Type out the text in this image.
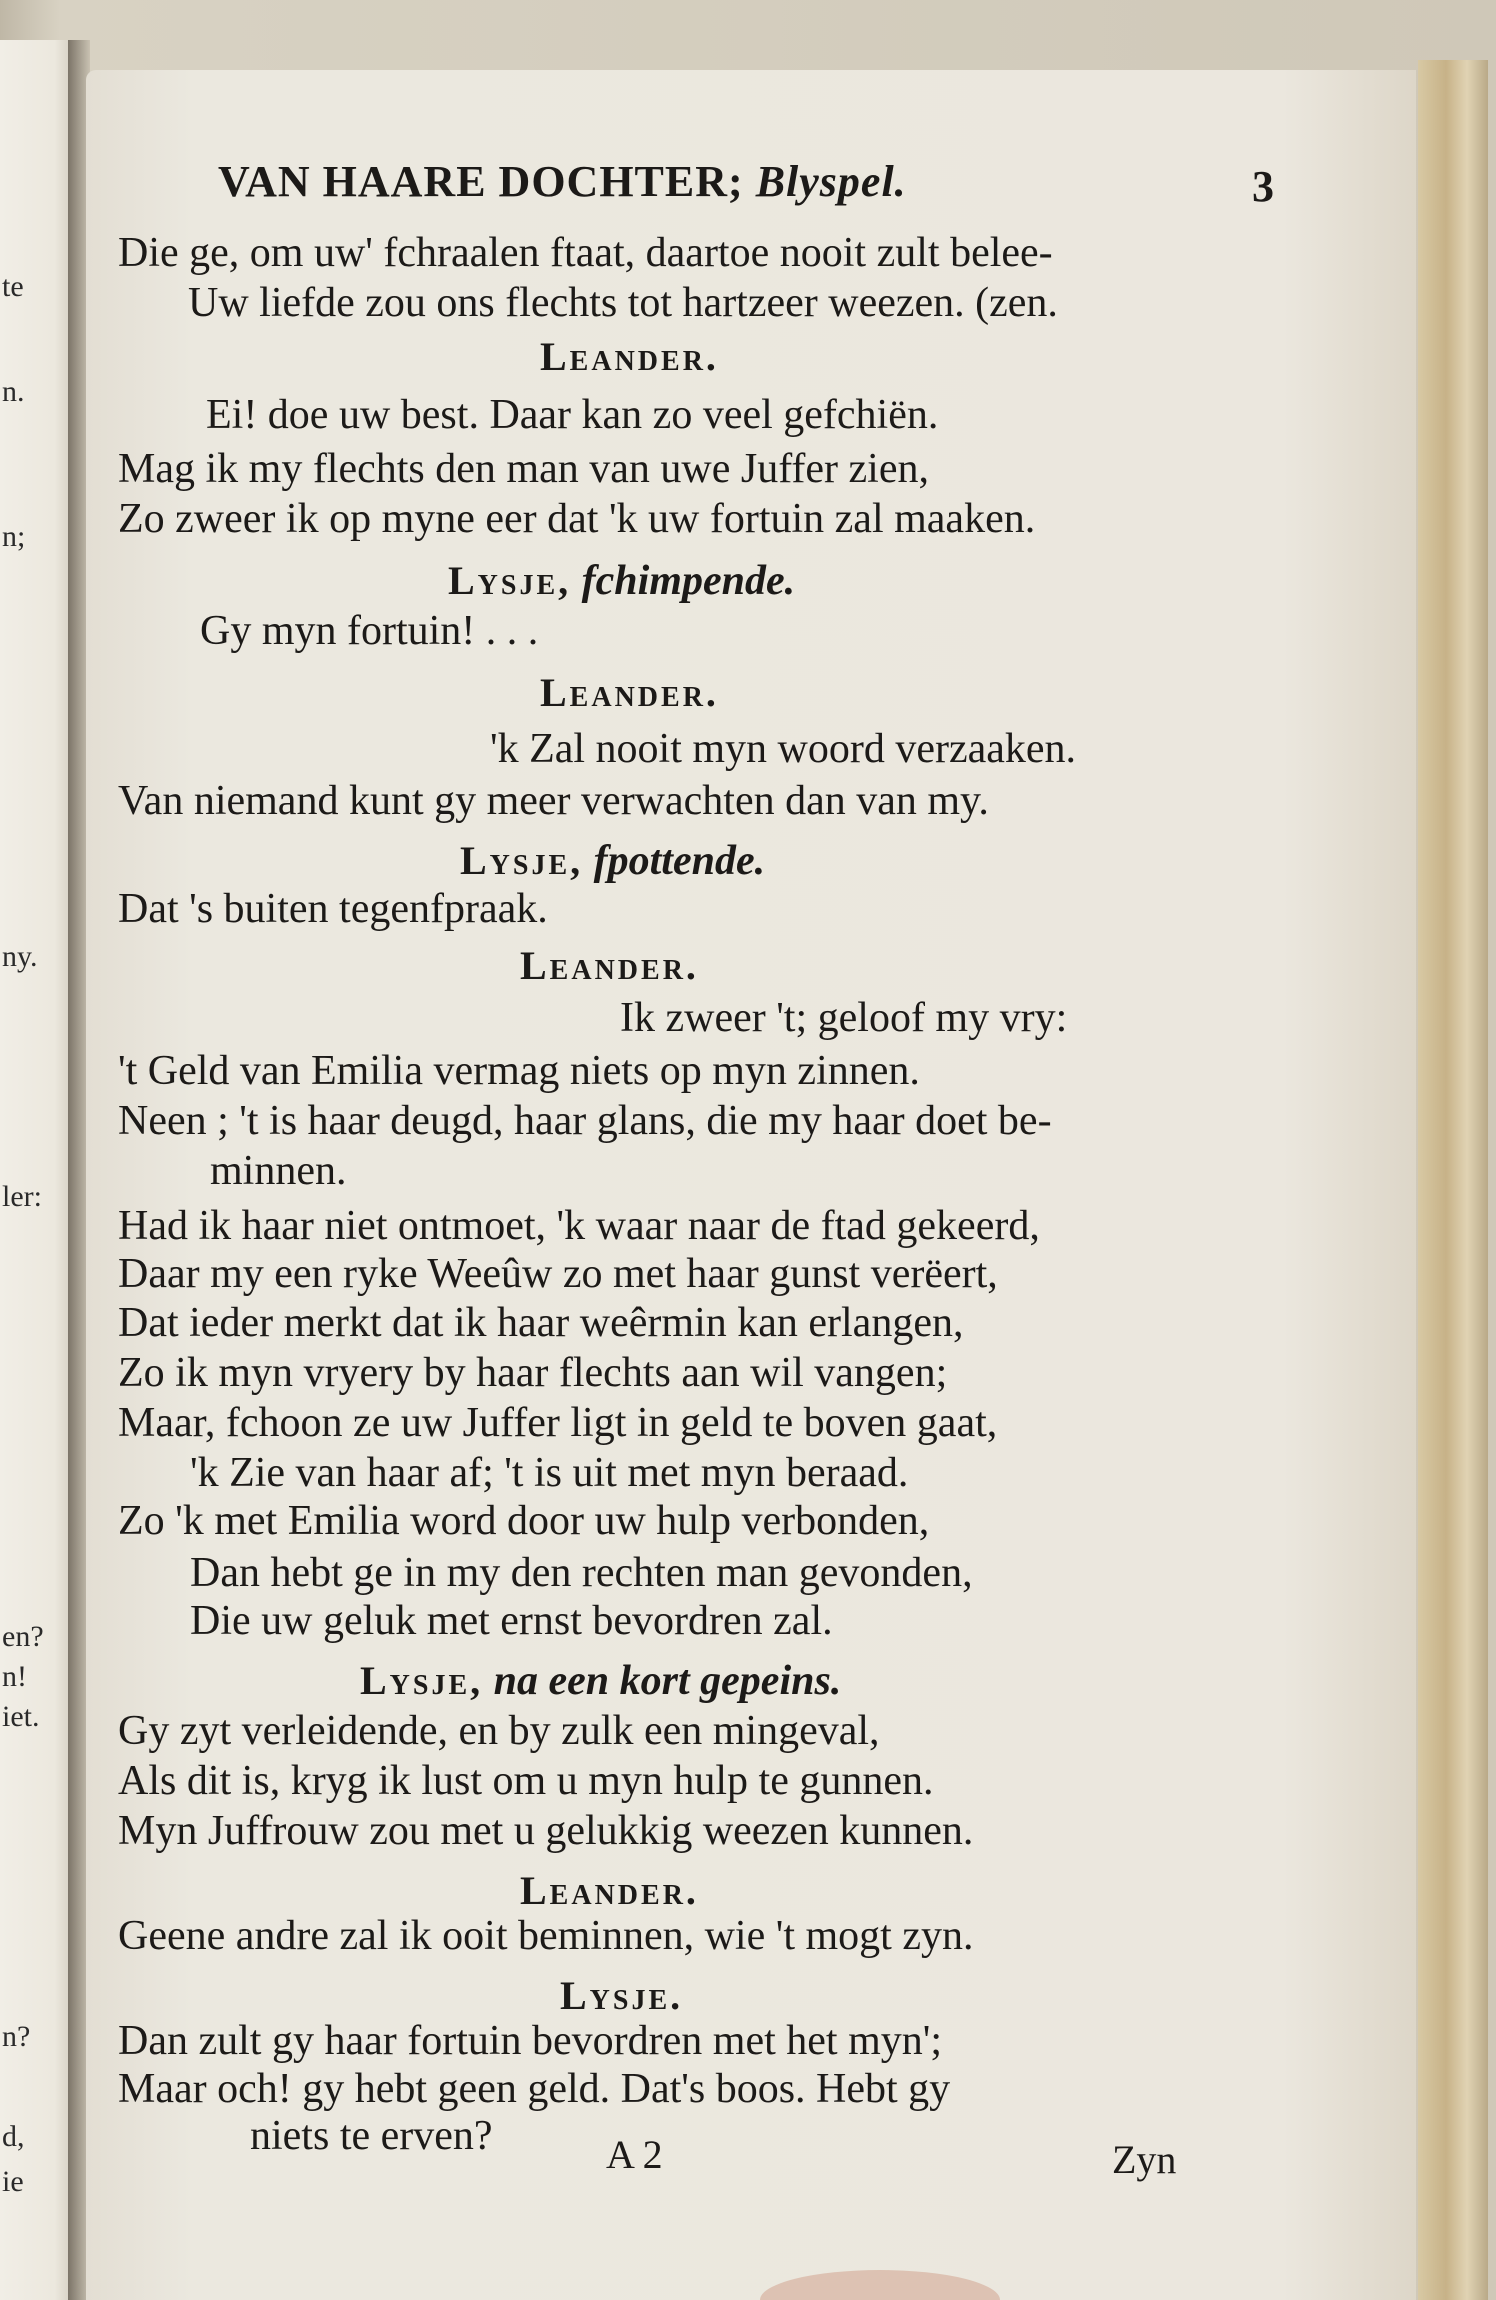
te
n.
n;
ny.
ler:
en?
n!
iet.
n?
d,
ie
VAN HAARE DOCHTER; Blyspel.	3
A 2	Zyn
Die ge, om uw' fchraalen ftaat, daartoe nooit zult belee-
Uw liefde zou ons flechts tot hartzeer weezen. (zen.
Leander.
Ei! doe uw best. Daar kan zo veel gefchiën.
Mag ik my flechts den man van uwe Juffer zien,
Zo zweer ik op myne eer dat 'k uw fortuin zal maaken.
Lysje, fchimpende.
Gy myn fortuin! . . .
Leander.
'k Zal nooit myn woord verzaaken.
Van niemand kunt gy meer verwachten dan van my.
Lysje, fpottende.
Dat 's buiten tegenfpraak.
Leander.
Ik zweer 't; geloof my vry:
't Geld van Emilia vermag niets op myn zinnen.
Neen ; 't is haar deugd, haar glans, die my haar doet be-
minnen.
Had ik haar niet ontmoet, 'k waar naar de ftad gekeerd,
Daar my een ryke Weeûw zo met haar gunst verëert,
Dat ieder merkt dat ik haar weêrmin kan erlangen,
Zo ik myn vryery by haar flechts aan wil vangen;
Maar, fchoon ze uw Juffer ligt in geld te boven gaat,
'k Zie van haar af; 't is uit met myn beraad.
Zo 'k met Emilia word door uw hulp verbonden,
Dan hebt ge in my den rechten man gevonden,
Die uw geluk met ernst bevordren zal.
Lysje, na een kort gepeins.
Gy zyt verleidende, en by zulk een mingeval,
Als dit is, kryg ik lust om u myn hulp te gunnen.
Myn Juffrouw zou met u gelukkig weezen kunnen.
Leander.
Geene andre zal ik ooit beminnen, wie 't mogt zyn.
Lysje.
Dan zult gy haar fortuin bevordren met het myn';
Maar och! gy hebt geen geld. Dat's boos. Hebt gy
niets te erven?
